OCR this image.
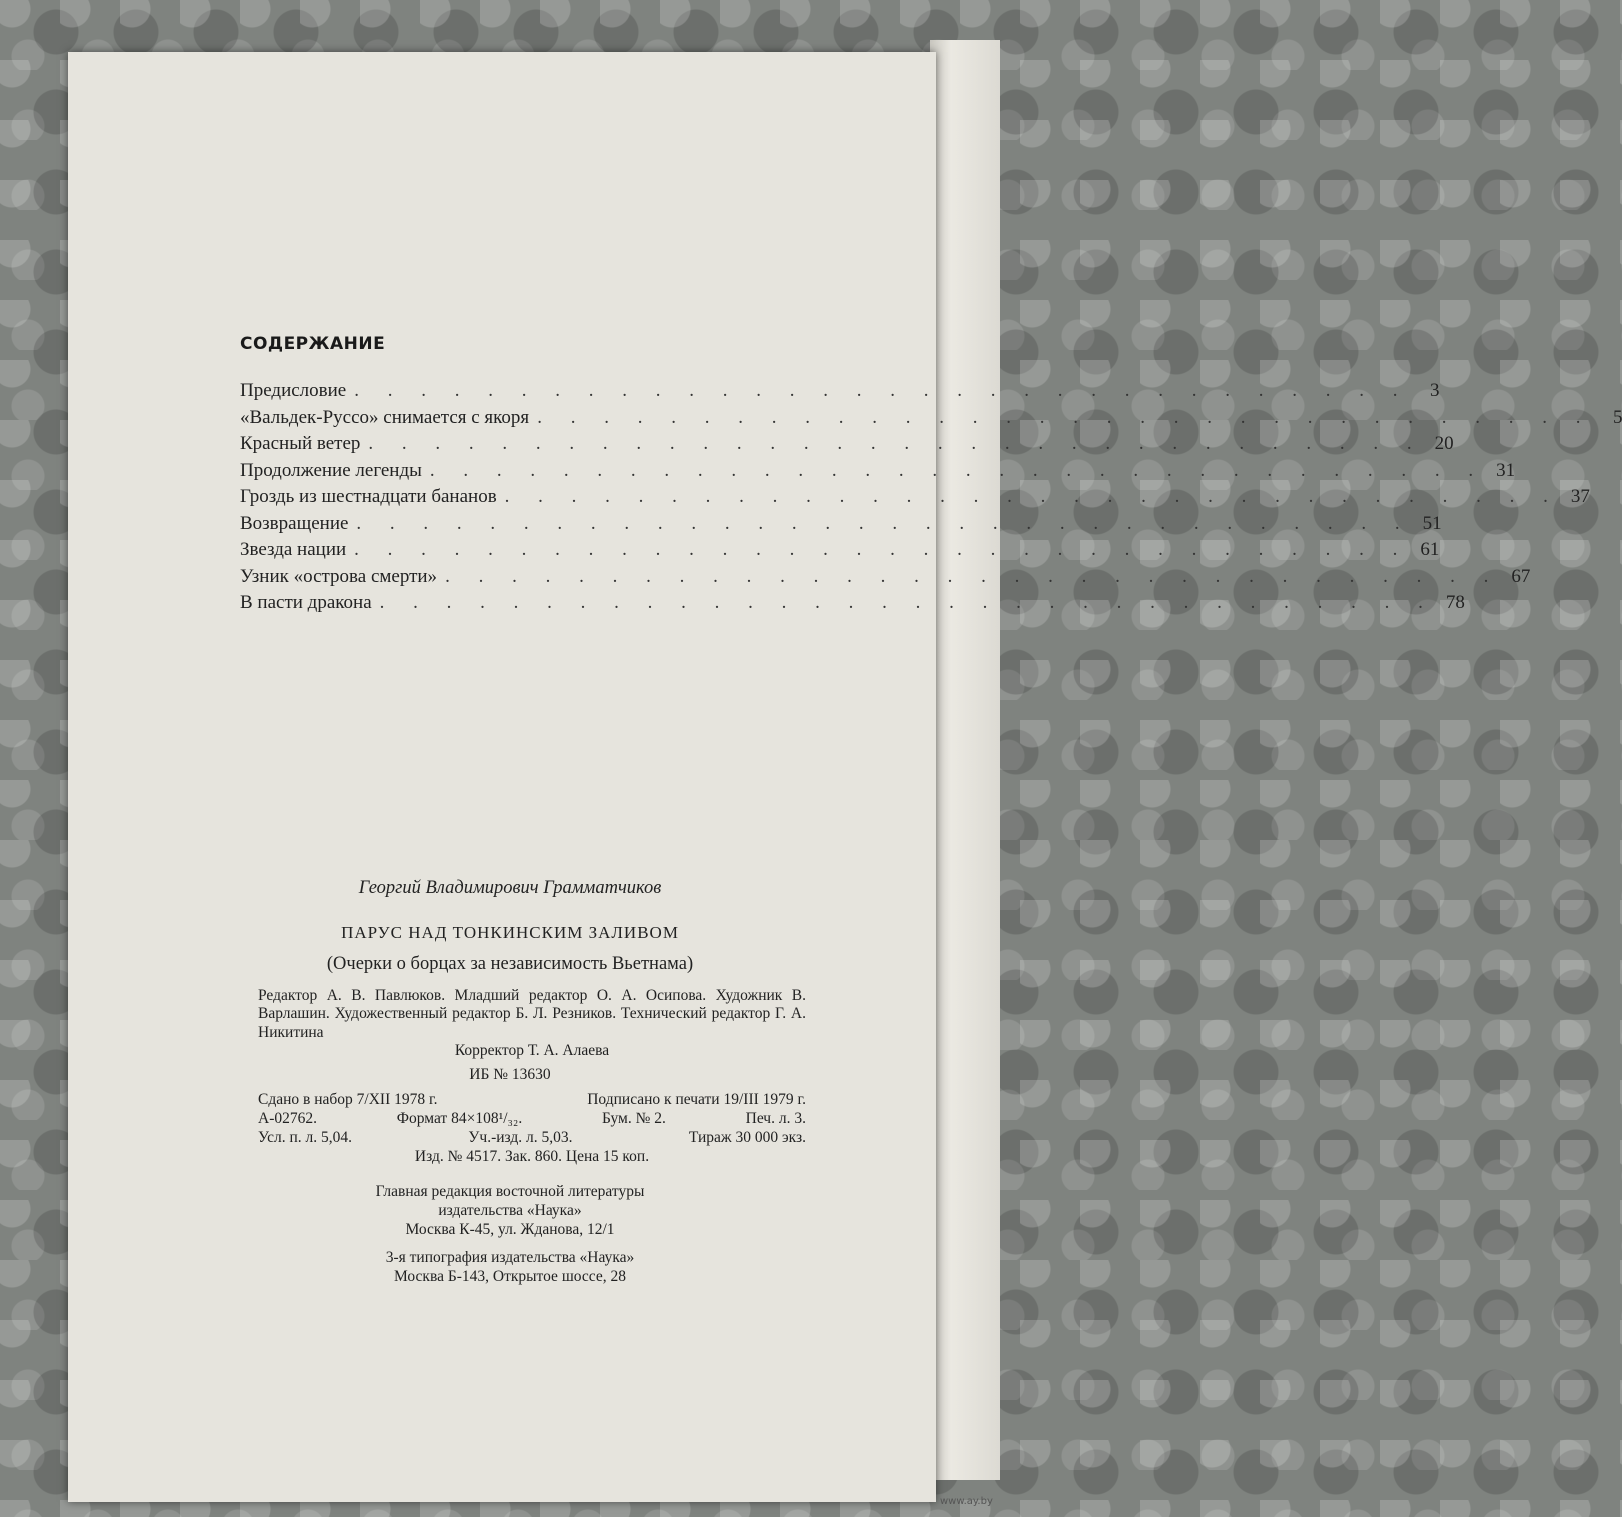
СОДЕРЖАНИЕ
Предисловие . . . . . . . . . . . . . . . . . . . . . . . . . . . . . . . .	3
«Вальдек-Руссо» снимается с якоря . . . . . . . . . . . . . . . . . . . . . . . . . . . . . . . .	5
Красный ветер . . . . . . . . . . . . . . . . . . . . . . . . . . . . . . . . 20
Продолжение легенды . . . . . . . . . . . . . . . . . . . . . . . . . . . . . . . . 31
Гроздь из шестнадцати бананов . . . . . . . . . . . . . . . . . . . . . . . . . . . . . . . . 37
Возвращение . . . . . . . . . . . . . . . . . . . . . . . . . . . . . . . . 51
Звезда нации . . . . . . . . . . . . . . . . . . . . . . . . . . . . . . . . 61
Узник «острова смерти» . . . . . . . . . . . . . . . . . . . . . . . . . . . . . . . . 67
В пасти дракона . . . . . . . . . . . . . . . . . . . . . . . . . . . . . . . . 78
Георгий Владимирович Грамматчиков
ПАРУС НАД ТОНКИНСКИМ ЗАЛИВОМ
(Очерки о борцах за независимость Вьетнама)
Редактор А. В. Павлюков. Младший редактор О. А. Осипова. Художник В. Варлашин. Художественный редактор Б. Л. Резников. Технический редактор Г. А. Никитина
Корректор Т. А. Алаева
ИБ № 13630
Сдано в набор 7/XII 1978 г.	Подписано к печати 19/III 1979 г.
А-02762.	Формат 84×108¹/₃₂.	Бум. № 2.	Печ. л. 3.
Усл. п. л. 5,04.	Уч.-изд. л. 5,03.	Тираж 30 000 экз.
Изд. № 4517. Зак. 860. Цена 15 коп.
Главная редакция восточной литературы
издательства «Наука»
Москва К-45, ул. Жданова, 12/1
3-я типография издательства «Наука»
Москва Б-143, Открытое шоссе, 28
www.ay.by
